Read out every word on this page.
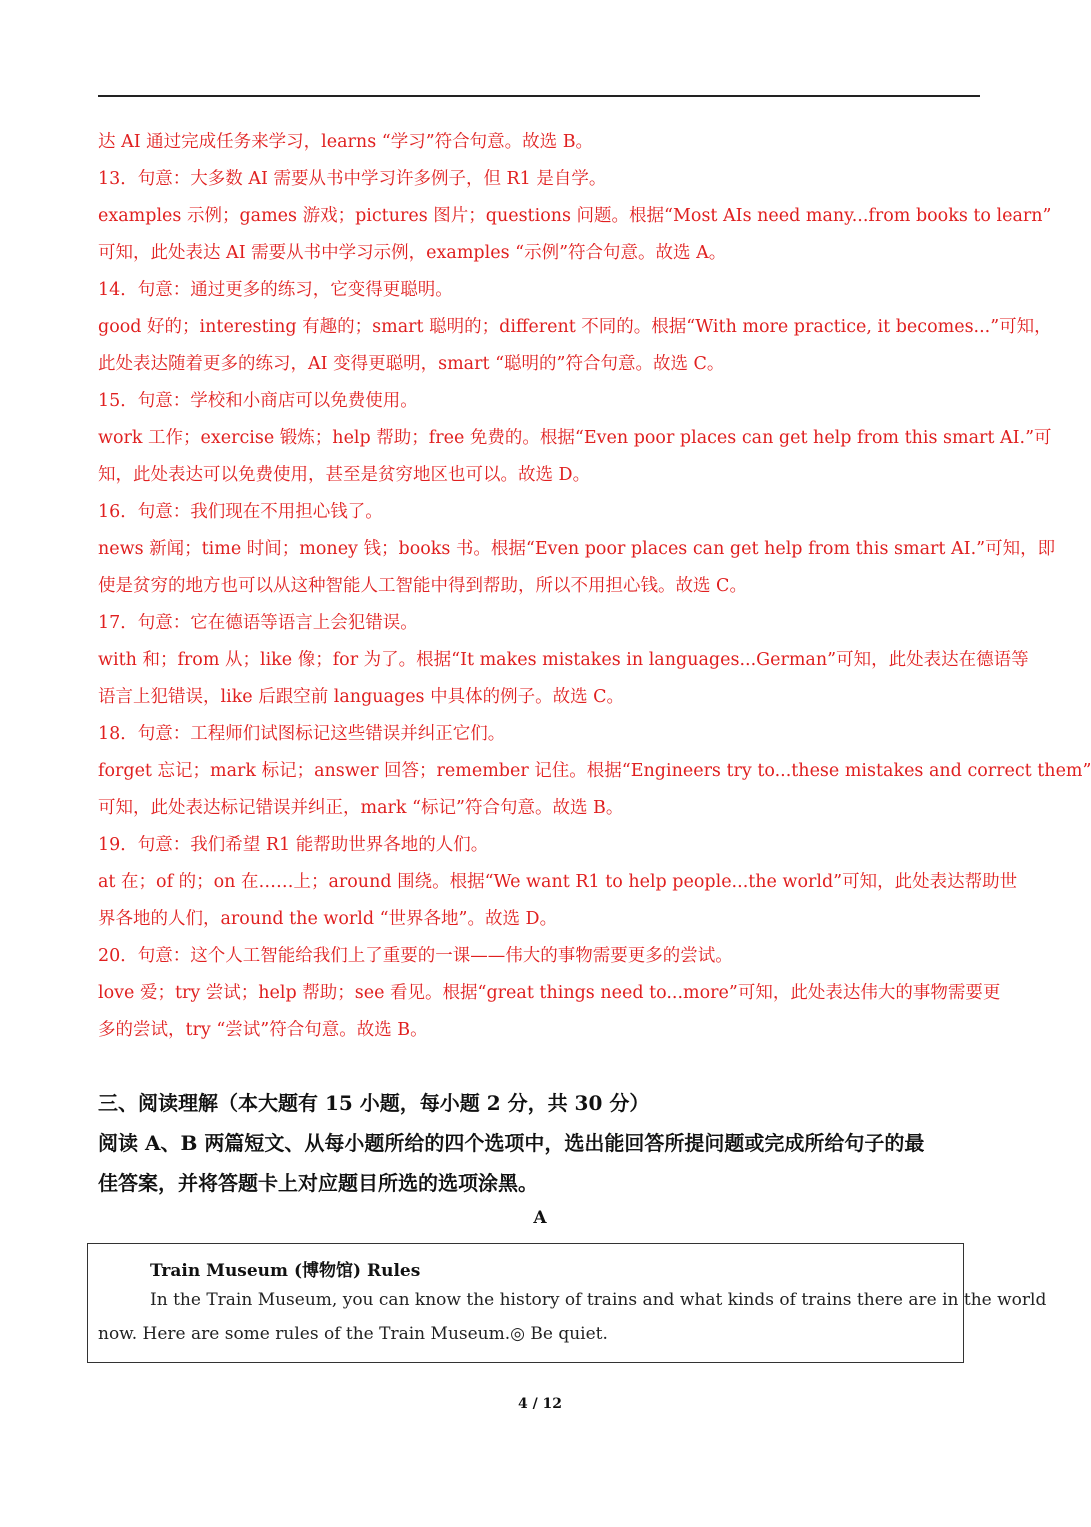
达 AI 通过完成任务来学习，learns “学习”符合句意。故选 B。
13．句意：大多数 AI 需要从书中学习许多例子，但 R1 是自学。
examples 示例；games 游戏；pictures 图片；questions 问题。根据“Most AIs need many...from books to learn”
可知，此处表达 AI 需要从书中学习示例，examples “示例”符合句意。故选 A。
14．句意：通过更多的练习，它变得更聪明。
good 好的；interesting 有趣的；smart 聪明的；different 不同的。根据“With more practice, it becomes...”可知，
此处表达随着更多的练习，AI 变得更聪明，smart “聪明的”符合句意。故选 C。
15．句意：学校和小商店可以免费使用。
work 工作；exercise 锻炼；help 帮助；free 免费的。根据“Even poor places can get help from this smart AI.”可
知，此处表达可以免费使用，甚至是贫穷地区也可以。故选 D。
16．句意：我们现在不用担心钱了。
news 新闻；time 时间；money 钱；books 书。根据“Even poor places can get help from this smart AI.”可知，即
使是贫穷的地方也可以从这种智能人工智能中得到帮助，所以不用担心钱。故选 C。
17．句意：它在德语等语言上会犯错误。
with 和；from 从；like 像；for 为了。根据“It makes mistakes in languages...German”可知，此处表达在德语等
语言上犯错误，like 后跟空前 languages 中具体的例子。故选 C。
18．句意：工程师们试图标记这些错误并纠正它们。
forget 忘记；mark 标记；answer 回答；remember 记住。根据“Engineers try to...these mistakes and correct them”
可知，此处表达标记错误并纠正，mark “标记”符合句意。故选 B。
19．句意：我们希望 R1 能帮助世界各地的人们。
at 在；of 的；on 在……上；around 围绕。根据“We want R1 to help people...the world”可知，此处表达帮助世
界各地的人们，around the world “世界各地”。故选 D。
20．句意：这个人工智能给我们上了重要的一课——伟大的事物需要更多的尝试。
love 爱；try 尝试；help 帮助；see 看见。根据“great things need to...more”可知，此处表达伟大的事物需要更
多的尝试，try “尝试”符合句意。故选 B。
三、阅读理解（本大题有 15 小题，每小题 2 分，共 30 分）
阅读 A、B 两篇短文、从每小题所给的四个选项中，选出能回答所提问题或完成所给句子的最
佳答案，并将答题卡上对应题目所选的选项涂黑。
A
Train Museum (博物馆) Rules
In the Train Museum, you can know the history of trains and what kinds of trains there are in the world
now. Here are some rules of the Train Museum.◎ Be quiet.
4 / 12
